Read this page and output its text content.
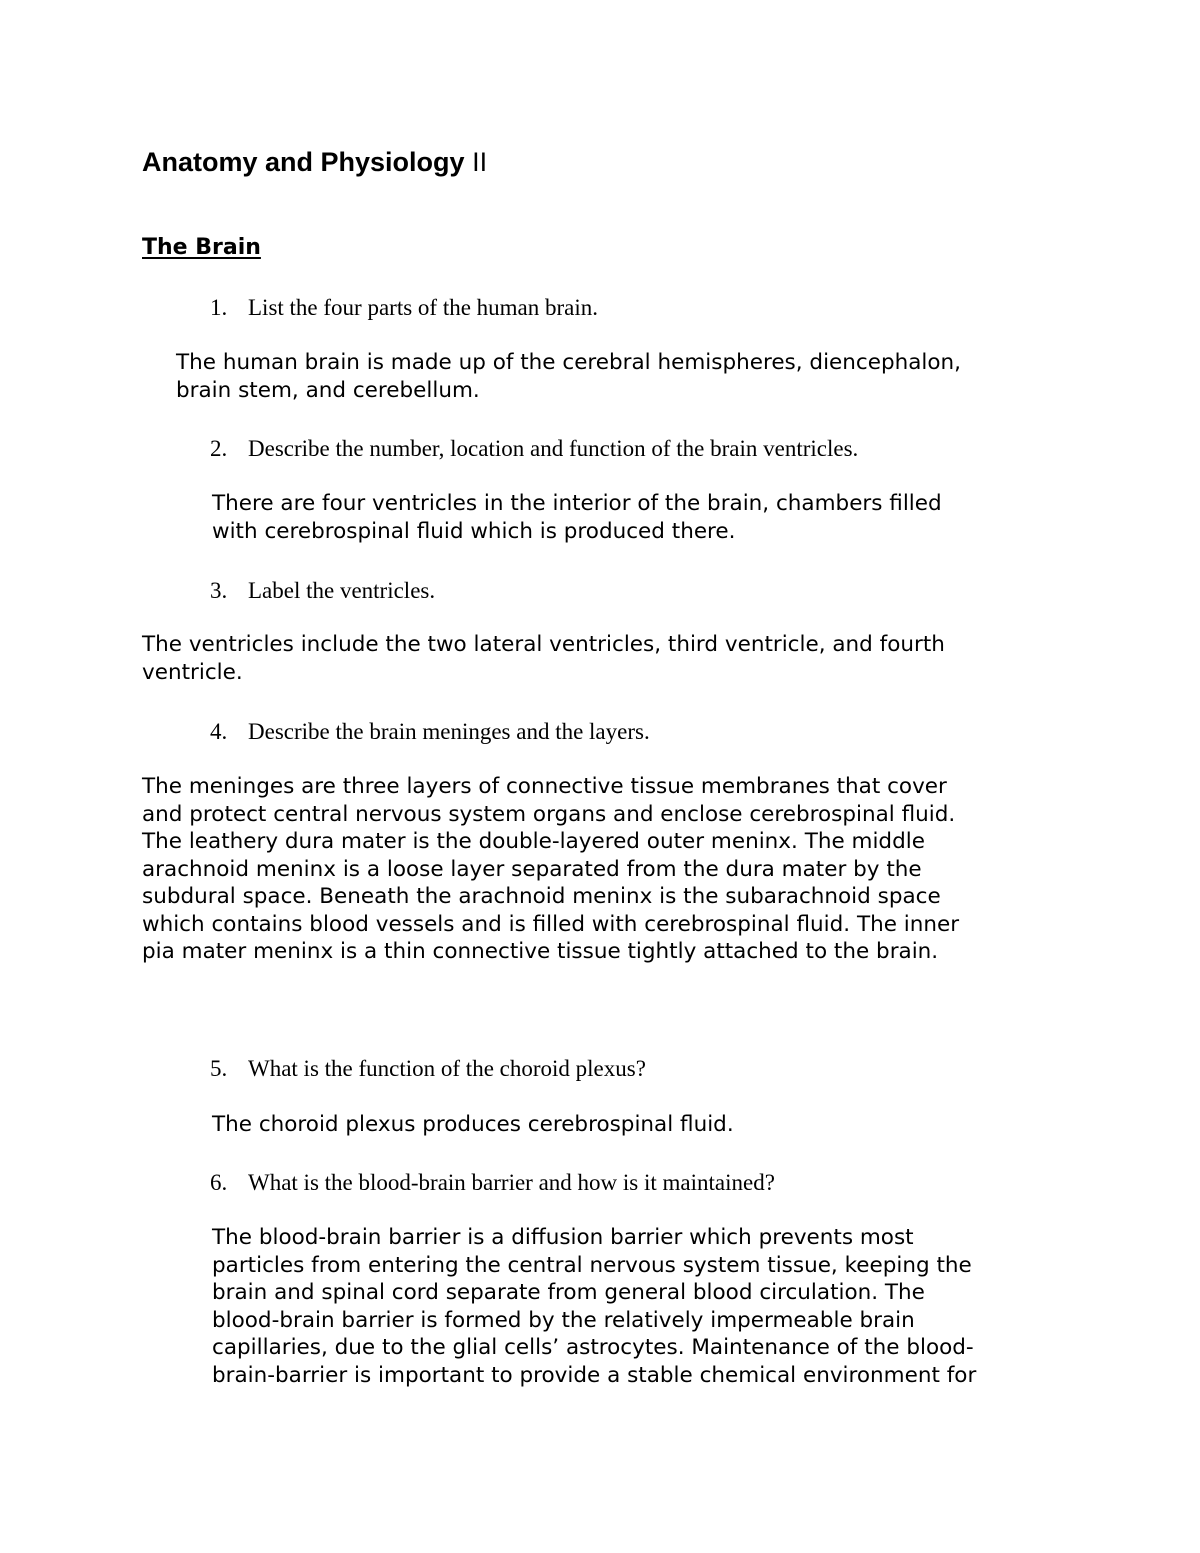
Anatomy and Physiology II
The Brain

1. List the four parts of the human brain.

The human brain is made up of the cerebral hemispheres, diencephalon,
brain stem, and cerebellum.

2. Describe the number, location and function of the brain ventricles.

There are four ventricles in the interior of the brain, chambers filled
with cerebrospinal fluid which is produced there.

3. Label the ventricles.

The ventricles include the two lateral ventricles, third ventricle, and fourth
ventricle.

4. Describe the brain meninges and the layers.

The meninges are three layers of connective tissue membranes that cover
and protect central nervous system organs and enclose cerebrospinal fluid.
The leathery dura mater is the double-layered outer meninx. The middle
arachnoid meninx is a loose layer separated from the dura mater by the
subdural space. Beneath the arachnoid meninx is the subarachnoid space
which contains blood vessels and is filled with cerebrospinal fluid. The inner
pia mater meninx is a thin connective tissue tightly attached to the brain.

5. What is the function of the choroid plexus?

The choroid plexus produces cerebrospinal fluid.

6. What is the blood-brain barrier and how is it maintained?

The blood-brain barrier is a diffusion barrier which prevents most
particles from entering the central nervous system tissue, keeping the
brain and spinal cord separate from general blood circulation. The
blood-brain barrier is formed by the relatively impermeable brain
capillaries, due to the glial cells’ astrocytes. Maintenance of the blood-
brain-barrier is important to provide a stable chemical environment for
